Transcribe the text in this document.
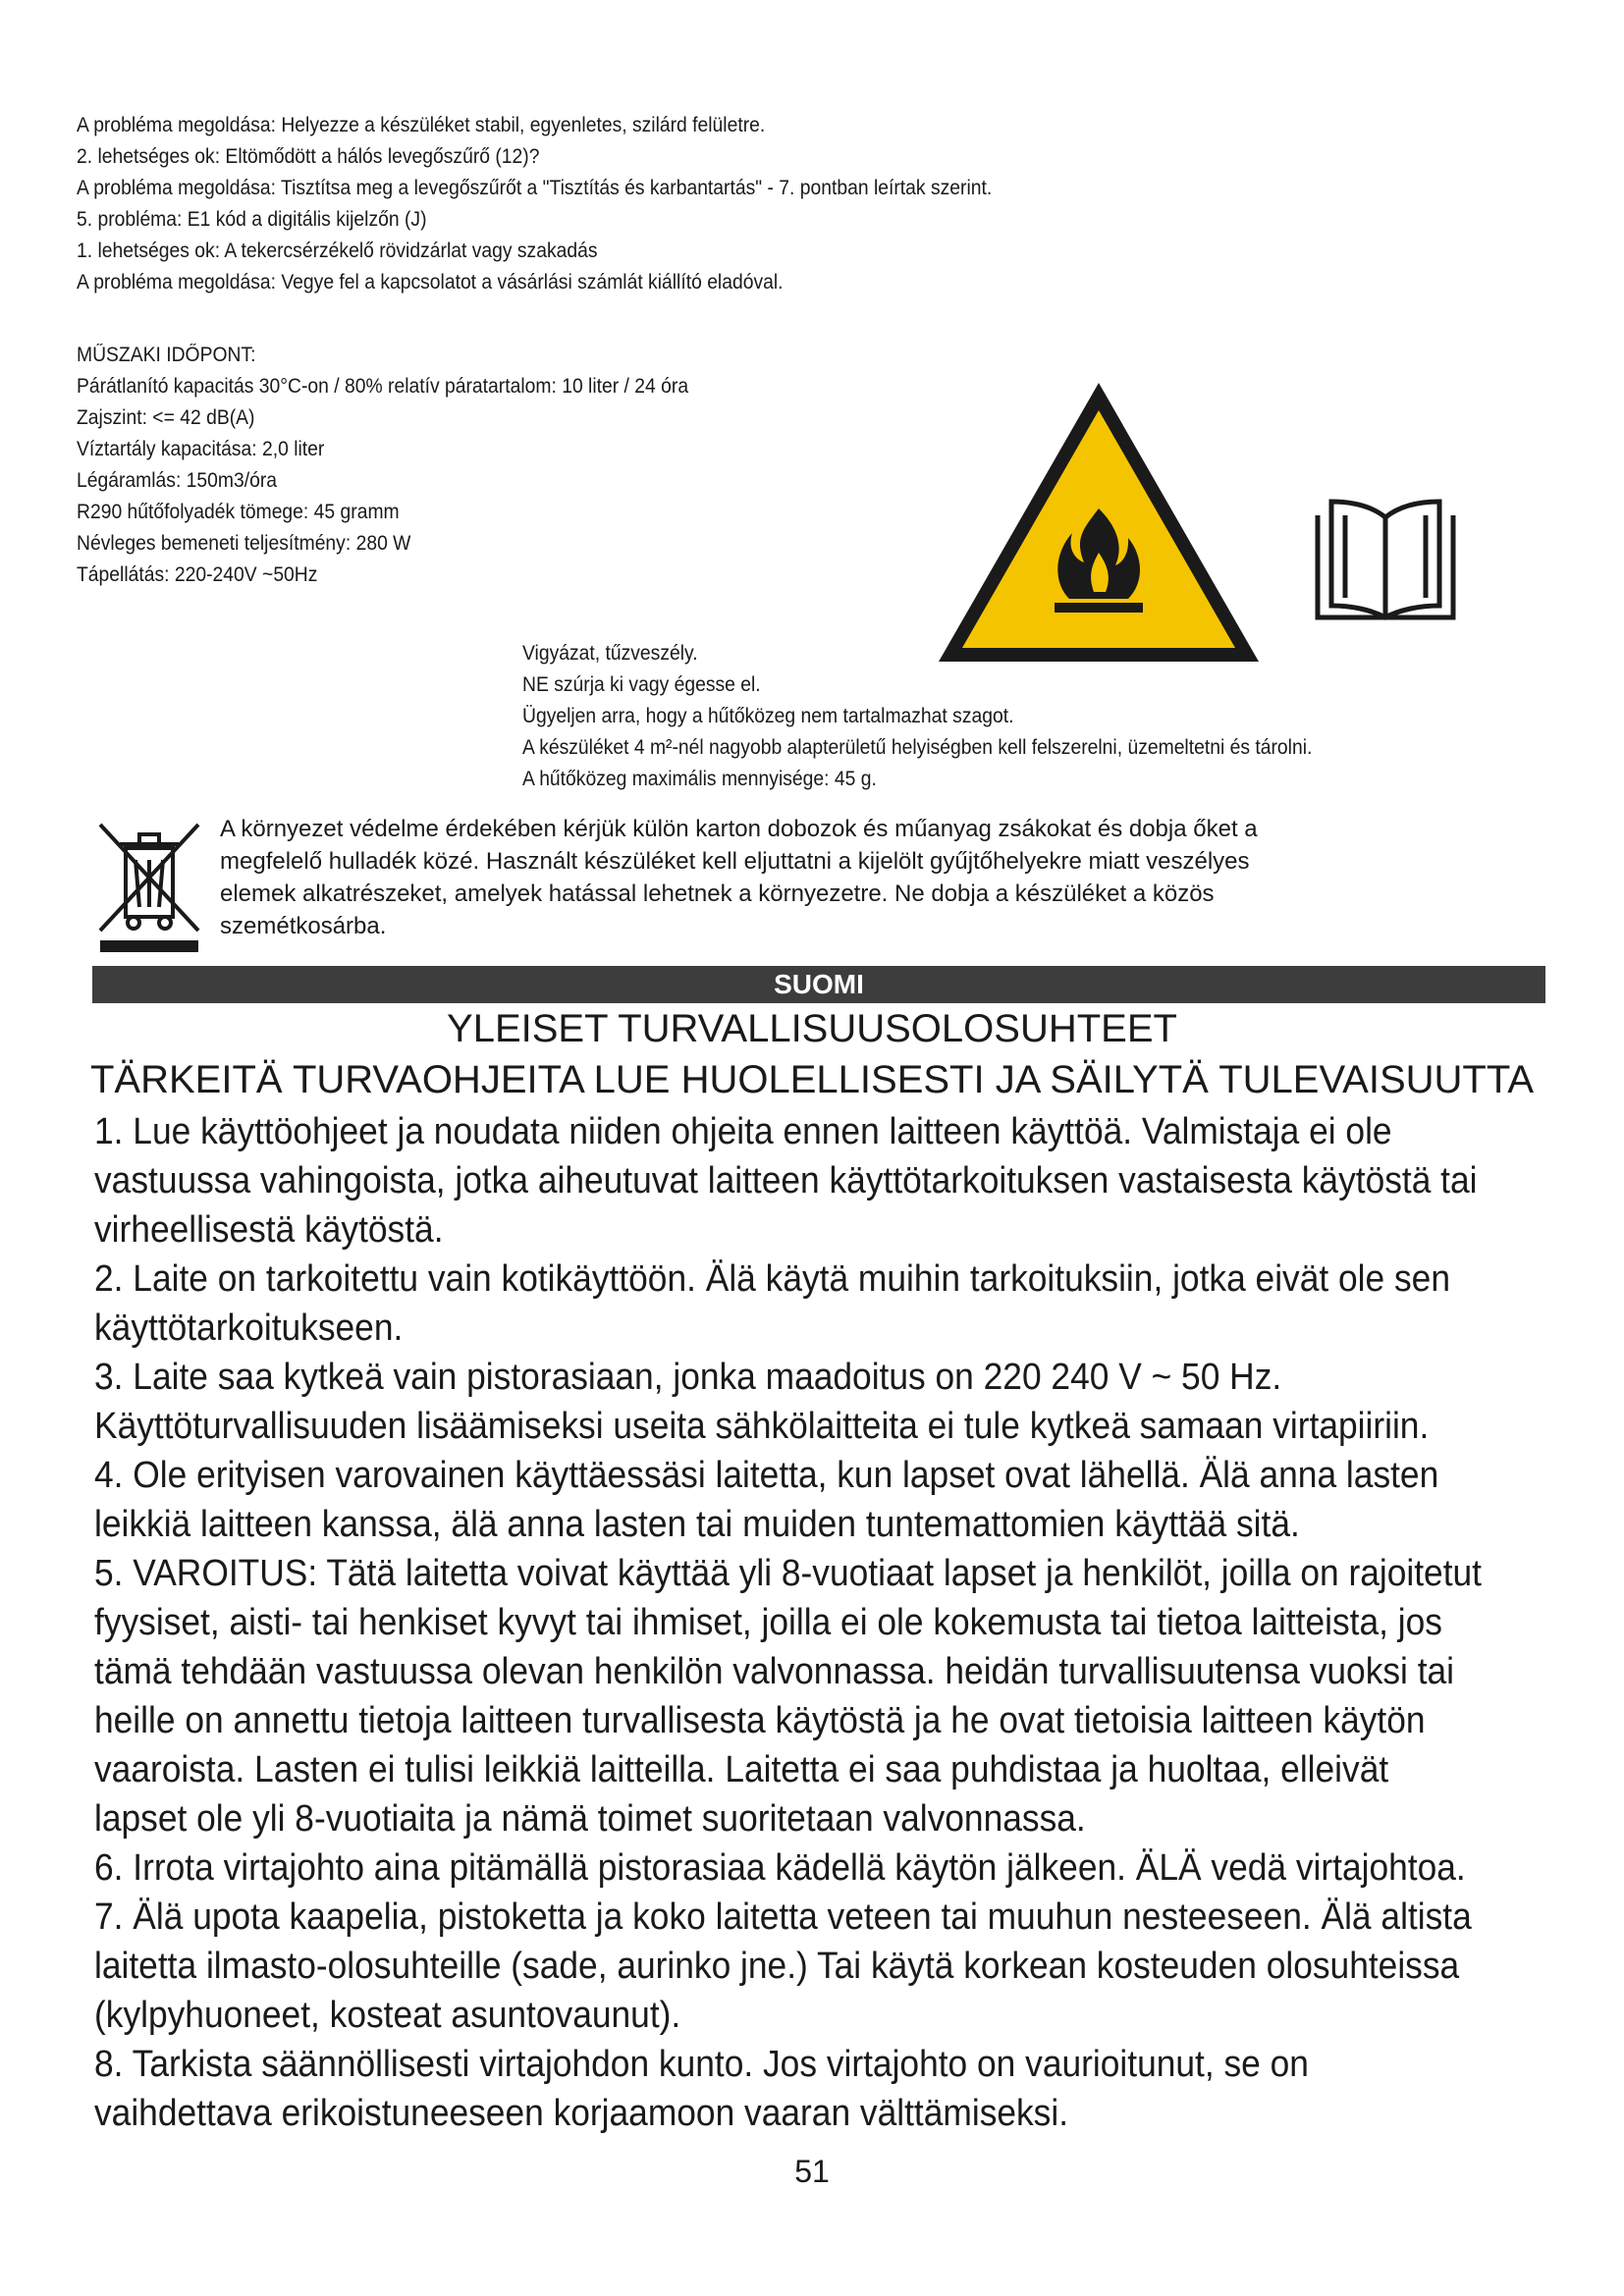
A probléma megoldása: Helyezze a készüléket stabil, egyenletes, szilárd felületre.
2. lehetséges ok: Eltömődött a hálós levegőszűrő (12)?
A probléma megoldása: Tisztítsa meg a levegőszűrőt a "Tisztítás és karbantartás" - 7. pontban leírtak szerint.
5. probléma: E1 kód a digitális kijelzőn (J)
1. lehetséges ok: A tekercsérzékelő rövidzárlat vagy szakadás
A probléma megoldása: Vegye fel a kapcsolatot a vásárlási számlát kiállító eladóval.
MŰSZAKI IDŐPONT:
Párátlanító kapacitás 30°C-on / 80% relatív páratartalom: 10 liter / 24 óra
Zajszint: <= 42 dB(A)
Víztartály kapacitása: 2,0 liter
Légáramlás: 150m3/óra
R290 hűtőfolyadék tömege: 45 gramm
Névleges bemeneti teljesítmény: 280 W
Tápellátás: 220-240V ~50Hz
Vigyázat, tűzveszély.
NE szúrja ki vagy égesse el.
Ügyeljen arra, hogy a hűtőközeg nem tartalmazhat szagot.
A készüléket 4 m²-nél nagyobb alapterületű helyiségben kell felszerelni, üzemeltetni és tárolni.
A hűtőközeg maximális mennyisége: 45 g.
A környezet védelme érdekében kérjük külön karton dobozok és műanyag zsákokat és dobja őket a
megfelelő hulladék közé. Használt készüléket kell eljuttatni a kijelölt gyűjtőhelyekre miatt veszélyes
elemek alkatrészeket, amelyek hatással lehetnek a környezetre. Ne dobja a készüléket a közös
szemétkosárba.
SUOMI
YLEISET TURVALLISUUSOLOSUHTEET
TÄRKEITÄ TURVAOHJEITA LUE HUOLELLISESTI JA SÄILYTÄ TULEVAISUUTTA
1. Lue käyttöohjeet ja noudata niiden ohjeita ennen laitteen käyttöä. Valmistaja ei ole
vastuussa vahingoista, jotka aiheutuvat laitteen käyttötarkoituksen vastaisesta käytöstä tai
virheellisestä käytöstä.
2. Laite on tarkoitettu vain kotikäyttöön. Älä käytä muihin tarkoituksiin, jotka eivät ole sen
käyttötarkoitukseen.
3. Laite saa kytkeä vain pistorasiaan, jonka maadoitus on 220 240 V ~ 50 Hz.
Käyttöturvallisuuden lisäämiseksi useita sähkölaitteita ei tule kytkeä samaan virtapiiriin.
4. Ole erityisen varovainen käyttäessäsi laitetta, kun lapset ovat lähellä. Älä anna lasten
leikkiä laitteen kanssa, älä anna lasten tai muiden tuntemattomien käyttää sitä.
5. VAROITUS: Tätä laitetta voivat käyttää yli 8-vuotiaat lapset ja henkilöt, joilla on rajoitetut
fyysiset, aisti- tai henkiset kyvyt tai ihmiset, joilla ei ole kokemusta tai tietoa laitteista, jos
tämä tehdään vastuussa olevan henkilön valvonnassa. heidän turvallisuutensa vuoksi tai
heille on annettu tietoja laitteen turvallisesta käytöstä ja he ovat tietoisia laitteen käytön
vaaroista. Lasten ei tulisi leikkiä laitteilla. Laitetta ei saa puhdistaa ja huoltaa, elleivät
lapset ole yli 8-vuotiaita ja nämä toimet suoritetaan valvonnassa.
6. Irrota virtajohto aina pitämällä pistorasiaa kädellä käytön jälkeen. ÄLÄ vedä virtajohtoa.
7. Älä upota kaapelia, pistoketta ja koko laitetta veteen tai muuhun nesteeseen. Älä altista
laitetta ilmasto-olosuhteille (sade, aurinko jne.) Tai käytä korkean kosteuden olosuhteissa
(kylpyhuoneet, kosteat asuntovaunut).
8. Tarkista säännöllisesti virtajohdon kunto. Jos virtajohto on vaurioitunut, se on
vaihdettava erikoistuneeseen korjaamoon vaaran välttämiseksi.
51
